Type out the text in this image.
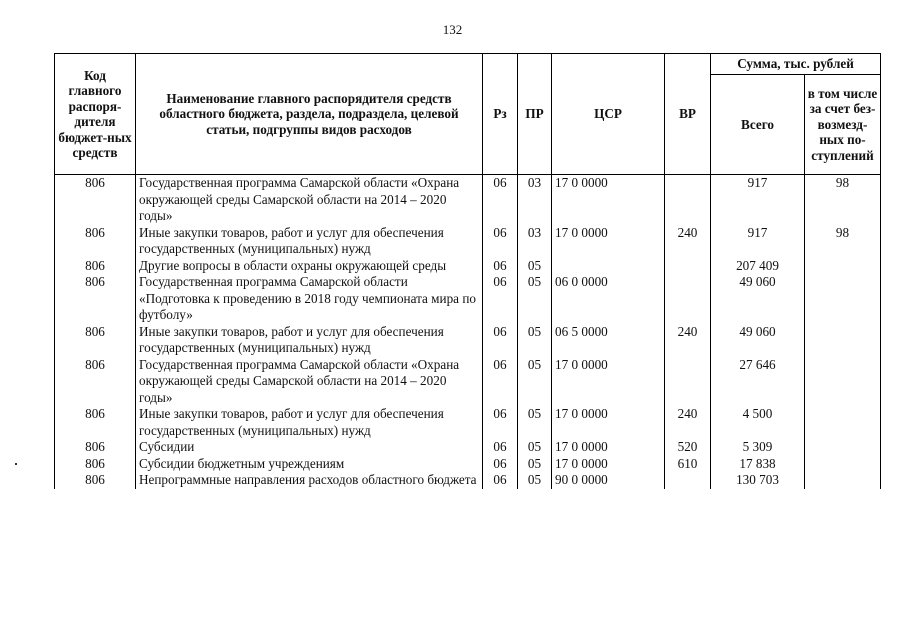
132
Код главного распоря-дителя бюджет-ных средств	Наименование главного распорядителя средств областного бюджета, раздела, подраздела, целевой статьи, подгруппы видов расходов	Рз	ПР	ЦСР	ВР	Сумма, тыс. рублей	
						Всего	в том числе за счет без-возмезд-ных по-ступлений
806	Государственная программа Самарской области «Охрана окружающей среды Самарской области на 2014 – 2020 годы»	06	03	17 0 0000		917	98
806	Иные закупки товаров, работ и услуг для обеспечения государственных (муниципальных) нужд	06	03	17 0 0000	240	917	98
806	Другие вопросы в области охраны окружающей среды	06	05			207 409	
806	Государственная программа Самарской области «Подготовка к проведению в 2018 году чемпионата мира по футболу»	06	05	06 0 0000		49 060	
806	Иные закупки товаров, работ и услуг для обеспечения государственных (муниципальных) нужд	06	05	06 5 0000	240	49 060	
806	Государственная программа Самарской области «Охрана окружающей среды Самарской области на 2014 – 2020 годы»	06	05	17 0 0000		27 646	
806	Иные закупки товаров, работ и услуг для обеспечения государственных (муниципальных) нужд	06	05	17 0 0000	240	4 500	
806	Субсидии	06	05	17 0 0000	520	5 309	
806	Субсидии бюджетным учреждениям	06	05	17 0 0000	610	17 838	
806	Непрограммные направления расходов областного бюджета	06	05	90 0 0000		130 703	
